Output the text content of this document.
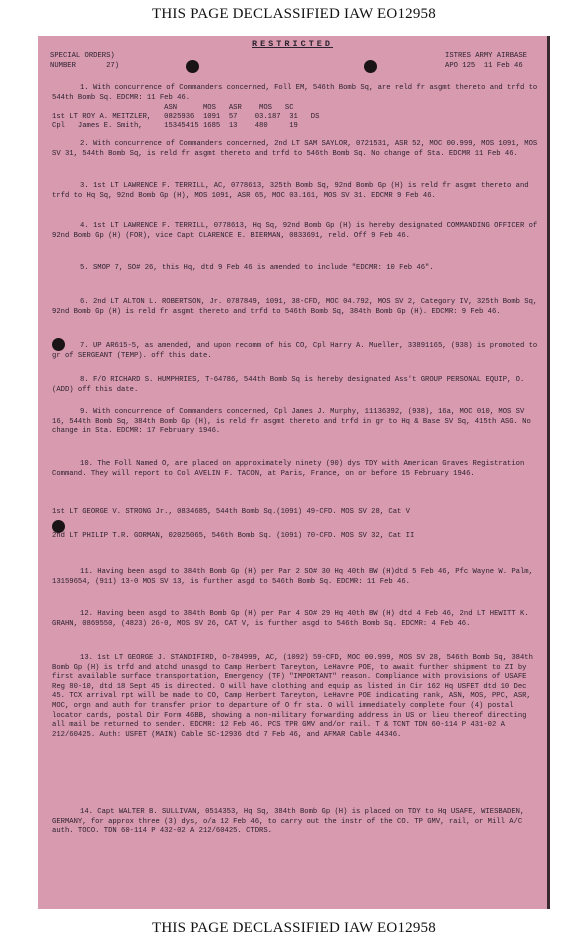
THIS PAGE DECLASSIFIED IAW EO12958
RESTRICTED
SPECIAL ORDERS)
NUMBER       27)
ISTRES ARMY AIRBASE
APO 125  11 Feb 46
1. With concurrence of Commanders concerned, Foll EM, 546th Bomb Sq, are reld fr asgmt thereto and trfd to 544th Bomb Sq. EDCMR: 11 Feb 46.
ASN      MOS   ASR    MOS   SC
1st LT ROY A. MEITZLER,   0825936  1091  57    03.187  31   DS
Cpl   James E. Smith,     15345415 1685  13    480     19
2. With concurrence of Commanders concerned, 2nd LT SAM SAYLOR, 0721531, ASR 52, MOC 00.999, MOS 1091, MOS SV 31, 544th Bomb Sq, is reld fr asgmt thereto and trfd to 546th Bomb Sq. No change of Sta. EDCMR 11 Feb 46.
3. 1st LT LAWRENCE F. TERRILL, AC, 0778613, 325th Bomb Sq, 92nd Bomb Gp (H) is reld fr asgmt thereto and trfd to Hq Sq, 92nd Bomb Gp (H), MOS 1091, ASR 65, MOC 03.161, MOS SV 31. EDCMR 9 Feb 46.
4. 1st LT LAWRENCE F. TERRILL, 0778613, Hq Sq, 92nd Bomb Gp (H) is hereby designated COMMANDING OFFICER of 92nd Bomb Gp (H) (FOR), vice Capt CLARENCE E. BIERMAN, 0833691, reld. Off 9 Feb 46.
5. SMOP 7, SO# 26, this Hq, dtd 9 Feb 46 is amended to include "EDCMR: 10 Feb 46".
6. 2nd LT ALTON L. ROBERTSON, Jr. 0787849, 1091, 38-CFD, MOC 04.792, MOS SV 2, Category IV, 325th Bomb Sq, 92nd Bomb Gp (H) is reld fr asgmt thereto and trfd to 546th Bomb Sq, 384th Bomb Gp (H). EDCMR: 9 Feb 46.
7. UP AR615-5, as amended, and upon recomm of his CO, Cpl Harry A. Mueller, 33891165, (938) is promoted to gr of SERGEANT (TEMP). off this date.
8. F/O RICHARD S. HUMPHRIES, T-64786, 544th Bomb Sq is hereby designated Ass't GROUP PERSONAL EQUIP, O. (ADD) off this date.
9. With concurrence of Commanders concerned, Cpl James J. Murphy, 11136392, (938), 16a, MOC 010, MOS SV 16, 544th Bomb Sq, 384th Bomb Gp (H), is reld fr asgmt thereto and trfd in gr to Hq & Base SV Sq, 415th ASG. No change in Sta. EDCMR: 17 February 1946.
10. The Foll Named O, are placed on approximately ninety (90) dys TDY with American Graves Registration Command. They will report to Col AVELIN F. TACON, at Paris, France, on or before 15 February 1946.
1st LT GEORGE V. STRONG Jr., 0834685, 544th Bomb Sq.(1091) 49-CFD. MOS SV 28, Cat V
2nd LT PHILIP T.R. GORMAN, 02025065, 546th Bomb Sq. (1091) 70-CFD. MOS SV 32, Cat II
11. Having been asgd to 384th Bomb Gp (H) per Par 2 SO# 30 Hq 40th BW (H)dtd 5 Feb 46, Pfc Wayne W. Palm, 13159654, (911) 13-0 MOS SV 13, is further asgd to 546th Bomb Sq. EDCMR: 11 Feb 46.
12. Having been asgd to 384th Bomb Gp (H) per Par 4 SO# 29 Hq 40th BW (H) dtd 4 Feb 46, 2nd LT HEWITT K. GRAHN, 0869550, (4823) 26-0, MOS SV 26, CAT V, is further asgd to 546th Bomb Sq. EDCMR: 4 Feb 46.
13. 1st LT GEORGE J. STANDIFIRD, O-784999, AC, (1092) 59-CFD, MOC 00.999, MOS SV 28, 546th Bomb Sq, 384th Bomb Gp (H) is trfd and atchd unasgd to Camp Herbert Tareyton, LeHavre POE, to await further shipment to ZI by first available surface transportation, Emergency (TF) "IMPORTANT" reason. Compliance with provisions of USAFE Reg 80-10, dtd 18 Sept 45 is directed. O will have clothing and equip as listed in Cir 162 Hq USFET dtd 10 Dec 45. TCX arrival rpt will be made to CO, Camp Herbert Tareyton, LeHavre POE indicating rank, ASN, MOS, PPC, ASR, MOC, orgn and auth for transfer prior to departure of O fr sta. O will immediately complete four (4) postal locator cards, postal Dir Form 46BB, showing a non-military forwarding address in US or lieu thereof directing all mail be returned to sender. EDCMR: 12 Feb 46. PCS TPR GMV and/or rail. T & TCNT TDN 60-114 P 431-02 A 212/60425. Auth: USFET (MAIN) Cable SC-12936 dtd 7 Feb 46, and AFMAR Cable 44346.
14. Capt WALTER B. SULLIVAN, 0514353, Hq Sq, 384th Bomb Gp (H) is placed on TDY to Hq USAFE, WIESBADEN, GERMANY, for approx three (3) dys, o/a 12 Feb 46, to carry out the instr of the CO. TP GMV, rail, or Mill A/C auth. TOCO. TDN 60-114 P 432-02 A 212/60425. CTDRS.
THIS PAGE DECLASSIFIED IAW EO12958
